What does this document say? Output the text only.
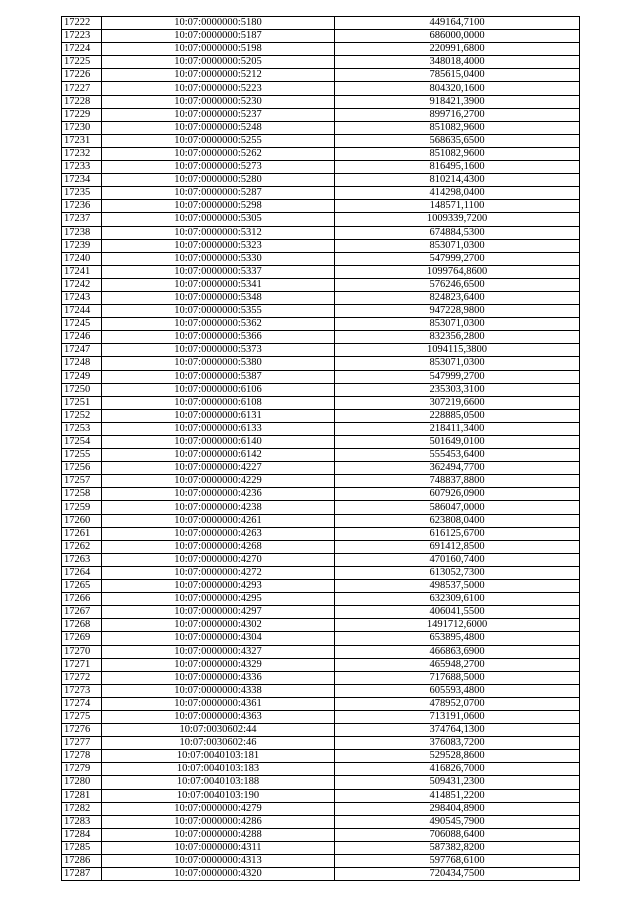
17222	10:07:0000000:5180	449164,7100
17223	10:07:0000000:5187	686000,0000
17224	10:07:0000000:5198	220991,6800
17225	10:07:0000000:5205	348018,4000
17226	10:07:0000000:5212	785615,0400
17227	10:07:0000000:5223	804320,1600
17228	10:07:0000000:5230	918421,3900
17229	10:07:0000000:5237	899716,2700
17230	10:07:0000000:5248	851082,9600
17231	10:07:0000000:5255	568635,6500
17232	10:07:0000000:5262	851082,9600
17233	10:07:0000000:5273	816495,1600
17234	10:07:0000000:5280	810214,4300
17235	10:07:0000000:5287	414298,0400
17236	10:07:0000000:5298	148571,1100
17237	10:07:0000000:5305	1009339,7200
17238	10:07:0000000:5312	674884,5300
17239	10:07:0000000:5323	853071,0300
17240	10:07:0000000:5330	547999,2700
17241	10:07:0000000:5337	1099764,8600
17242	10:07:0000000:5341	576246,6500
17243	10:07:0000000:5348	824823,6400
17244	10:07:0000000:5355	947228,9800
17245	10:07:0000000:5362	853071,0300
17246	10:07:0000000:5366	832356,2800
17247	10:07:0000000:5373	1094115,3800
17248	10:07:0000000:5380	853071,0300
17249	10:07:0000000:5387	547999,2700
17250	10:07:0000000:6106	235303,3100
17251	10:07:0000000:6108	307219,6600
17252	10:07:0000000:6131	228885,0500
17253	10:07:0000000:6133	218411,3400
17254	10:07:0000000:6140	501649,0100
17255	10:07:0000000:6142	555453,6400
17256	10:07:0000000:4227	362494,7700
17257	10:07:0000000:4229	748837,8800
17258	10:07:0000000:4236	607926,0900
17259	10:07:0000000:4238	586047,0000
17260	10:07:0000000:4261	623808,0400
17261	10:07:0000000:4263	616125,6700
17262	10:07:0000000:4268	691412,8500
17263	10:07:0000000:4270	470160,7400
17264	10:07:0000000:4272	613052,7300
17265	10:07:0000000:4293	498537,5000
17266	10:07:0000000:4295	632309,6100
17267	10:07:0000000:4297	406041,5500
17268	10:07:0000000:4302	1491712,6000
17269	10:07:0000000:4304	653895,4800
17270	10:07:0000000:4327	466863,6900
17271	10:07:0000000:4329	465948,2700
17272	10:07:0000000:4336	717688,5000
17273	10:07:0000000:4338	605593,4800
17274	10:07:0000000:4361	478952,0700
17275	10:07:0000000:4363	713191,0600
17276	10:07:0030602:44	374764,1300
17277	10:07:0030602:46	376083,7200
17278	10:07:0040103:181	529528,8600
17279	10:07:0040103:183	416826,7000
17280	10:07:0040103:188	509431,2300
17281	10:07:0040103:190	414851,2200
17282	10:07:0000000:4279	298404,8900
17283	10:07:0000000:4286	490545,7900
17284	10:07:0000000:4288	706088,6400
17285	10:07:0000000:4311	587382,8200
17286	10:07:0000000:4313	597768,6100
17287	10:07:0000000:4320	720434,7500
